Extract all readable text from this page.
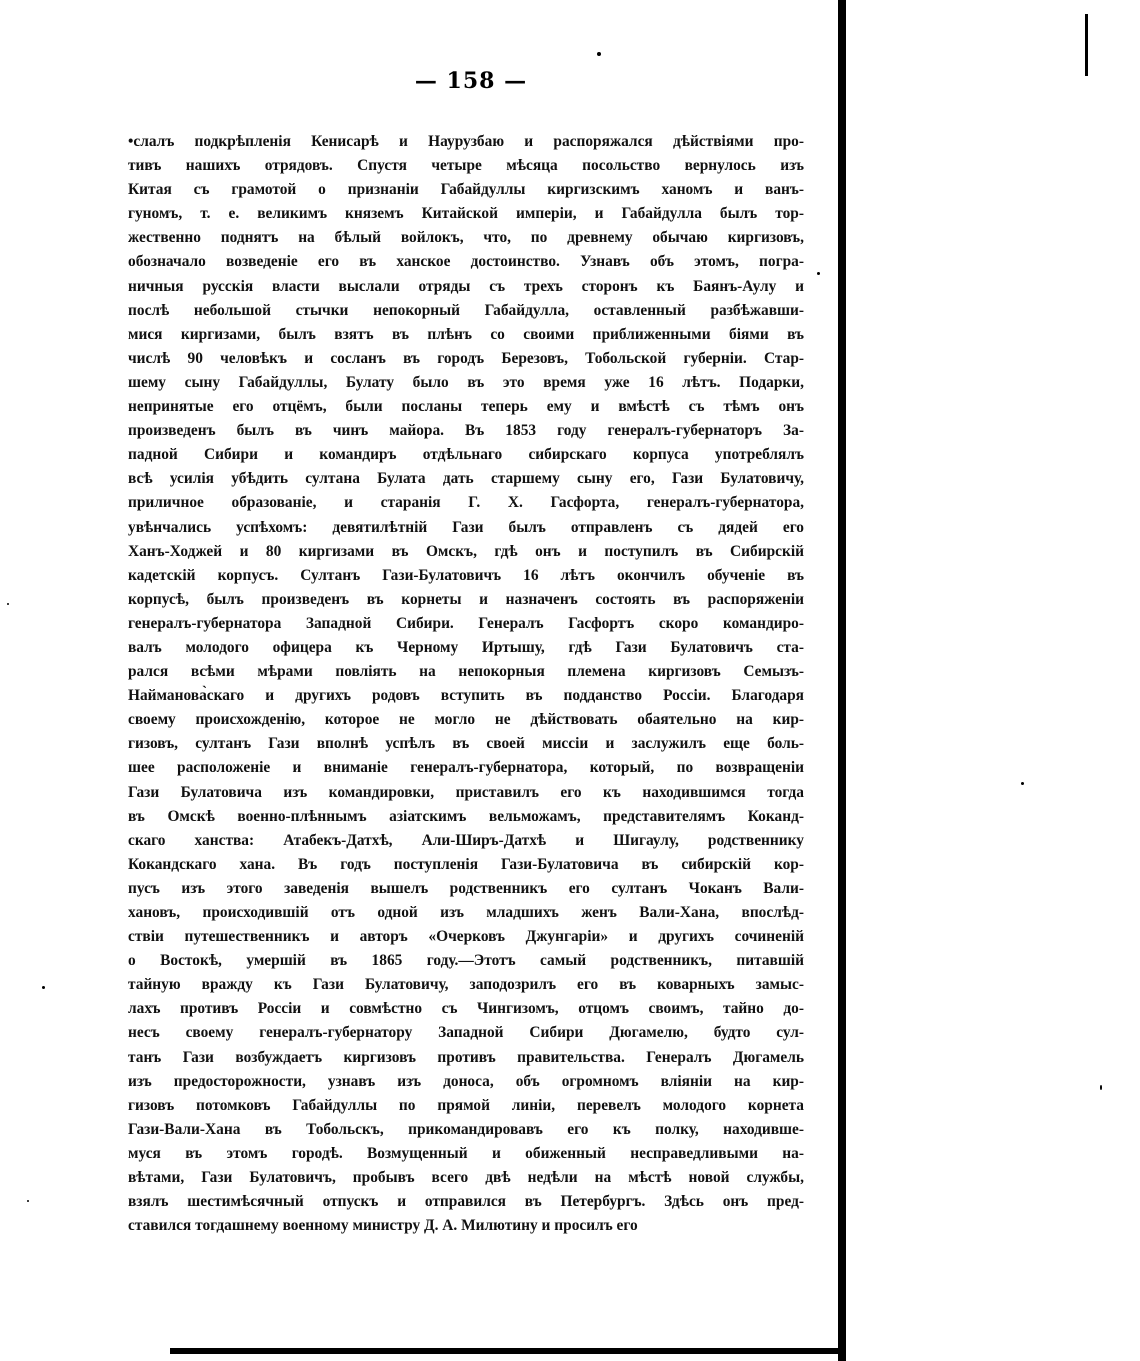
— 158 —
•слалъ подкрѣпленія Кенисарѣ и Наурузбаю и распоряжался дѣйствіями про-
тивъ нашихъ отрядовъ. Спустя четыре мѣсяца посольство вернулось изъ
Китая съ грамотой о признаніи Габайдуллы киргизскимъ ханомъ и ванъ-
гуномъ, т. е. великимъ княземъ Китайской имперіи, и Габайдулла былъ тор-
жественно поднятъ на бѣлый войлокъ, что, по древнему обычаю киргизовъ,
обозначало возведеніе его въ ханское достоинство. Узнавъ объ этомъ, погра-
ничныя русскія власти выслали отряды съ трехъ сторонъ къ Баянъ-Аулу и
послѣ небольшой стычки непокорный Габайдулла, оставленный разбѣжавши-
мися киргизами, былъ взятъ въ плѣнъ со своими приближенными біями въ
числѣ 90 человѣкъ и сосланъ въ городъ Березовъ, Тобольской губерніи. Стар-
шему сыну Габайдуллы, Булату было въ это время уже 16 лѣтъ. Подарки,
непринятые его отцёмъ, были посланы теперь ему и вмѣстѣ съ тѣмъ онъ
произведенъ былъ въ чинъ майора. Въ 1853 году генералъ-губернаторъ За-
падной Сибири и командиръ отдѣльнаго сибирскаго корпуса употреблялъ
всѣ усилія убѣдить султана Булата дать старшему сыну его, Гази Булатовичу,
приличное образованіе, и старанія Г. Х. Гасфорта, генералъ-губернатора,
увѣнчались успѣхомъ: девятилѣтній Гази былъ отправленъ съ дядей его
Ханъ-Ходжей и 80 киргизами въ Омскъ, гдѣ онъ и поступилъ въ Сибирскій
кадетскій корпусъ. Султанъ Гази-Булатовичъ 16 лѣтъ окончилъ обученіе въ
корпусѣ, былъ произведенъ въ корнеты и назначенъ состоять въ распоряженіи
генералъ-губернатора Западной Сибири. Генералъ Гасфортъ скоро командиро-
валъ молодого офицера къ Черному Иртышу, гдѣ Гази Булатовичъ ста-
рался всѣми мѣрами повліять на непокорныя племена киргизовъ Семызъ-
Найманова̀скаго и другихъ родовъ вступить въ подданство Россіи. Благодаря
своему происхожденію, которое не могло не дѣйствовать обаятельно на кир-
гизовъ, султанъ Гази вполнѣ успѣлъ въ своей миссіи и заслужилъ еще боль-
шее расположеніе и вниманіе генералъ-губернатора, который, по возвращеніи
Гази Булатовича изъ командировки, приставилъ его къ находившимся тогда
въ Омскѣ военно-плѣннымъ азіатскимъ вельможамъ, представителямъ Коканд-
скаго ханства: Атабекъ-Датхѣ, Али-Ширъ-Датхѣ и Шигаулу, родственнику
Кокандскаго хана. Въ годъ поступленія Гази-Булатовича въ сибирскій кор-
пусъ изъ этого заведенія вышелъ родственникъ его султанъ Чоканъ Вали-
хановъ, происходившій отъ одной изъ младшихъ женъ Вали-Хана, впослѣд-
ствіи путешественникъ и авторъ «Очерковъ Джунгаріи» и другихъ сочиненій
о Востокѣ, умершій въ 1865 году.—Этотъ самый родственникъ, питавшій
тайную вражду къ Гази Булатовичу, заподозрилъ его въ коварныхъ замыс-
лахъ противъ Россіи и совмѣстно съ Чингизомъ, отцомъ своимъ, тайно до-
несъ своему генералъ-губернатору Западной Сибири Дюгамелю, будто сул-
танъ Гази возбуждаетъ киргизовъ противъ правительства. Генералъ Дюгамель
изъ предосторожности, узнавъ изъ доноса, объ огромномъ вліяніи на кир-
гизовъ потомковъ Габайдуллы по прямой линіи, перевелъ молодого корнета
Гази-Вали-Хана въ Тобольскъ, прикомандировавъ его къ полку, находившe-
муся въ этомъ городѣ. Возмущенный и обиженный несправедливыми на-
вѣтами, Гази Булатовичъ, пробывъ всего двѣ недѣли на мѣстѣ новой службы,
взялъ шестимѣсячный отпускъ и отправился въ Петербургъ. Здѣсь онъ пред-
ставился тогдашнему военному министру Д. А. Милютину и просилъ его
